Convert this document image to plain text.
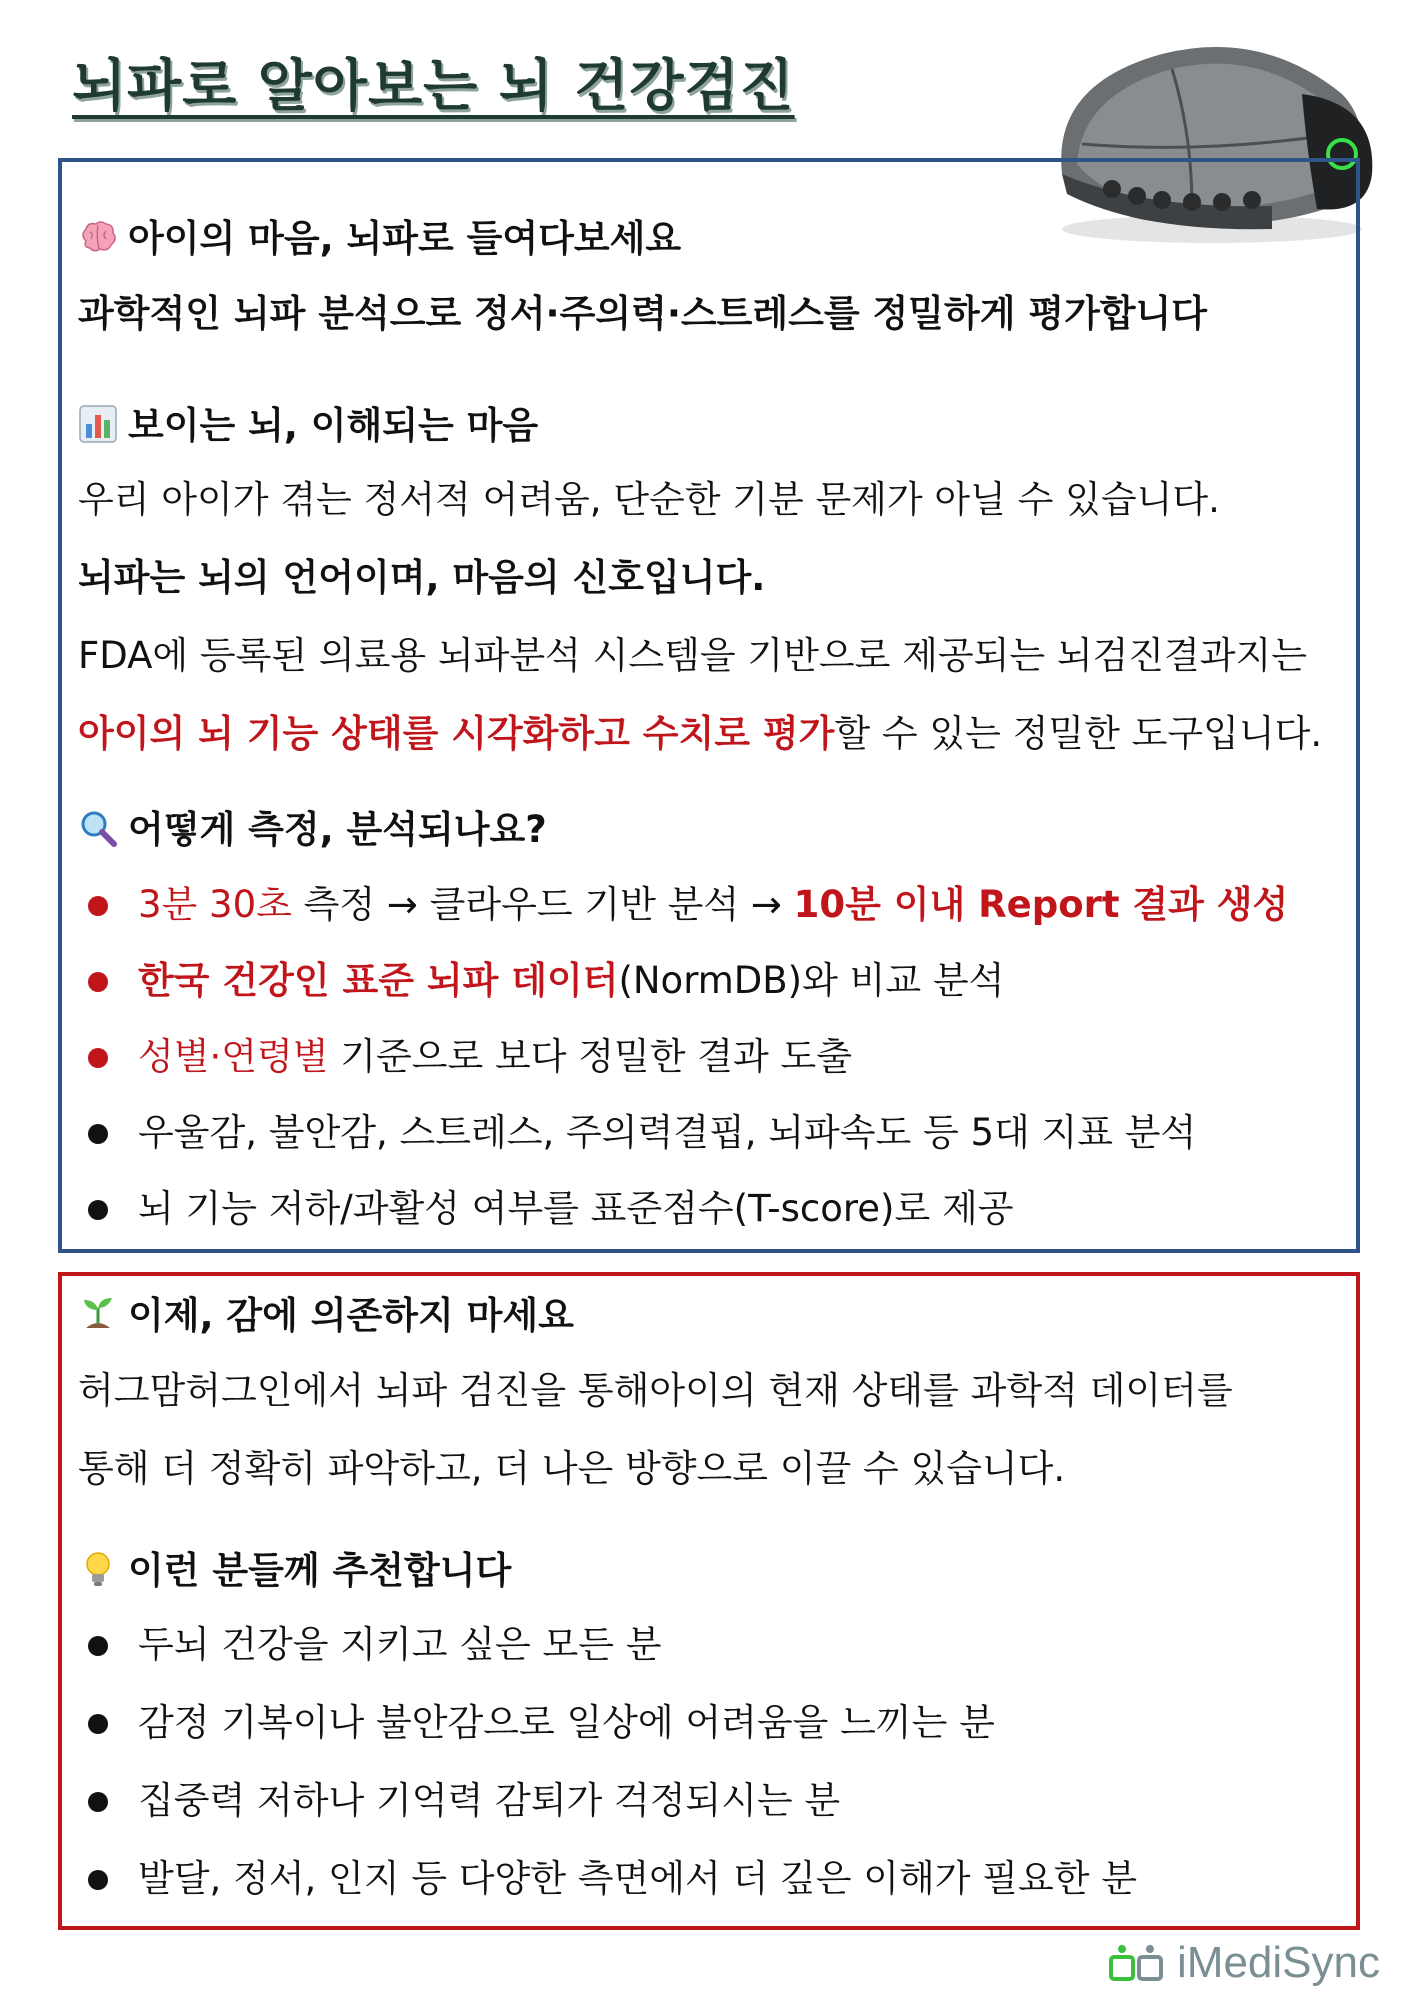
뇌파로 알아보는 뇌 건강검진
아이의 마음, 뇌파로 들여다보세요
과학적인 뇌파 분석으로 정서·주의력·스트레스를 정밀하게 평가합니다
보이는 뇌, 이해되는 마음
우리 아이가 겪는 정서적 어려움, 단순한 기분 문제가 아닐 수 있습니다.
뇌파는 뇌의 언어이며, 마음의 신호입니다.
FDA에 등록된 의료용 뇌파분석 시스템을 기반으로 제공되는 뇌검진결과지는
아이의 뇌 기능 상태를 시각화하고 수치로 평가할 수 있는 정밀한 도구입니다.
어떻게 측정, 분석되나요?
3분 30초 측정 → 클라우드 기반 분석 → 10분 이내 Report 결과 생성
한국 건강인 표준 뇌파 데이터(NormDB)와 비교 분석
성별·연령별 기준으로 보다 정밀한 결과 도출
우울감, 불안감, 스트레스, 주의력결핍, 뇌파속도 등 5대 지표 분석
뇌 기능 저하/과활성 여부를 표준점수(T-score)로 제공
이제, 감에 의존하지 마세요
허그맘허그인에서 뇌파 검진을 통해아이의 현재 상태를 과학적 데이터를
통해 더 정확히 파악하고, 더 나은 방향으로 이끌 수 있습니다.
이런 분들께 추천합니다
두뇌 건강을 지키고 싶은 모든 분
감정 기복이나 불안감으로 일상에 어려움을 느끼는 분
집중력 저하나 기억력 감퇴가 걱정되시는 분
발달, 정서, 인지 등 다양한 측면에서 더 깊은 이해가 필요한 분
iMediSync
